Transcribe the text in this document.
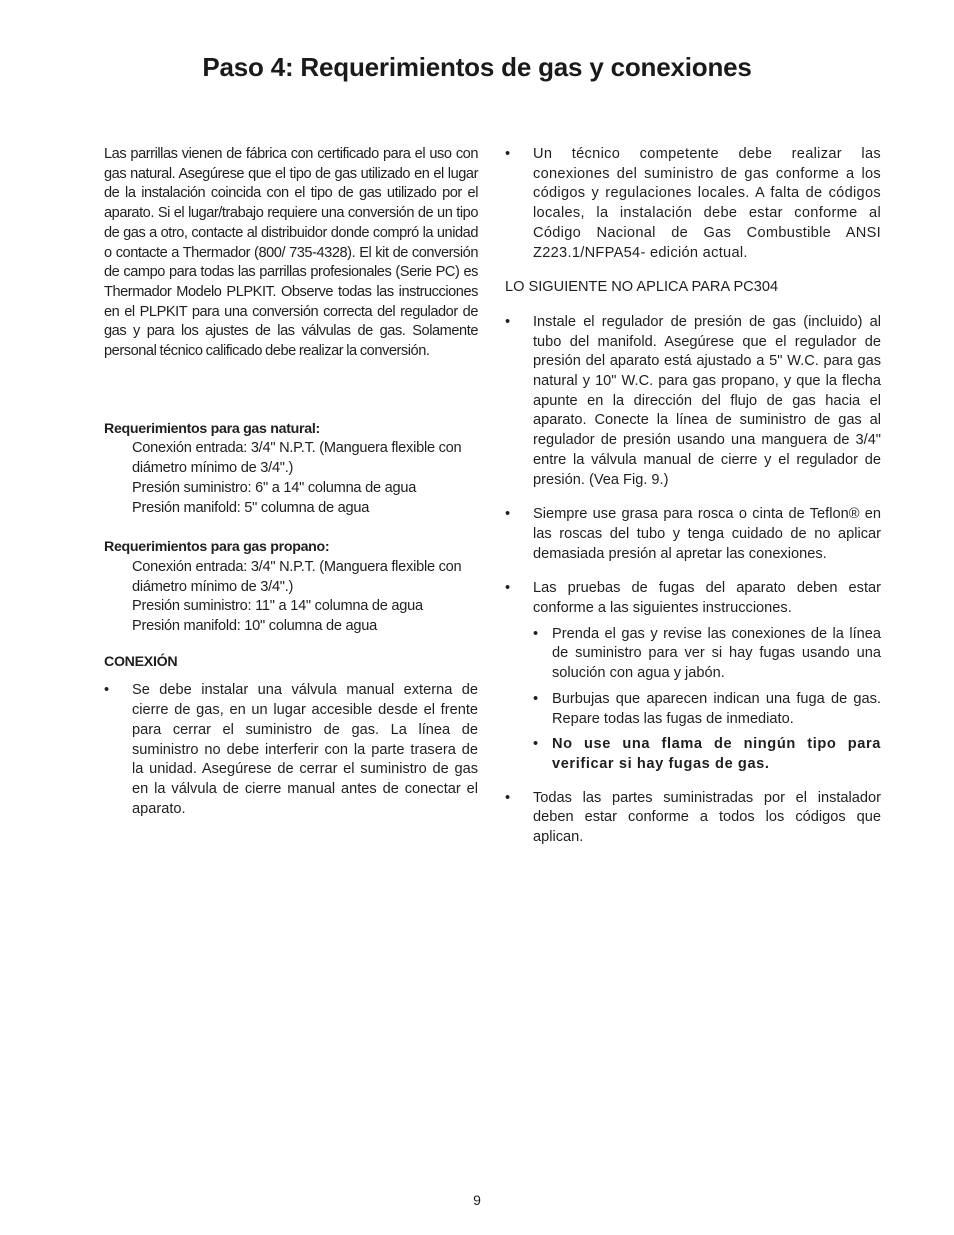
Paso 4: Requerimientos de gas y conexiones

Las parrillas vienen de fábrica con certificado para el uso con gas natural. Asegúrese que el tipo de gas utilizado en el lugar de la instalación coincida con el tipo de gas utilizado por el aparato. Si el lugar/trabajo requiere una conversión de un tipo de gas a otro, contacte al distribuidor donde compró la unidad o contacte a Thermador (800/ 735-4328). El kit de conversión de campo para todas las parrillas profesionales (Serie PC) es Thermador Modelo PLPKIT. Observe todas las instrucciones en el PLPKIT para una conversión correcta del regulador de gas y para los ajustes de las válvulas de gas. Solamente personal técnico calificado debe realizar la conversión.

Requerimientos para gas natural:

Conexión entrada: 3/4" N.P.T. (Manguera flexible con diámetro mínimo de 3/4".)

Presión suministro: 6" a 14" columna de agua

Presión manifold: 5" columna de agua

Requerimientos para gas propano:

Conexión entrada: 3/4" N.P.T. (Manguera flexible con diámetro mínimo de 3/4".)

Presión suministro: 11" a 14" columna de agua

Presión manifold: 10" columna de agua

CONEXIÓN

• Se debe instalar una válvula manual externa de cierre de gas, en un lugar accesible desde el frente para cerrar el suministro de gas. La línea de suministro no debe interferir con la parte trasera de la unidad. Asegúrese de cerrar el suministro de gas en la válvula de cierre manual antes de conectar el aparato.
• Un técnico competente debe realizar las conexiones del suministro de gas conforme a los códigos y regulaciones locales. A falta de códigos locales, la instalación debe estar conforme al Código Nacional de Gas Combustible ANSI Z223.1/NFPA54- edición actual.

LO SIGUIENTE NO APLICA PARA PC304

• Instale el regulador de presión de gas (incluido) al tubo del manifold. Asegúrese que el regulador de presión del aparato está ajustado a 5" W.C. para gas natural y 10" W.C. para gas propano, y que la flecha apunte en la dirección del flujo de gas hacia el aparato. Conecte la línea de suministro de gas al regulador de presión usando una manguera de 3/4" entre la válvula manual de cierre y el regulador de presión. (Vea Fig. 9.)
• Siempre use grasa para rosca o cinta de Teflon® en las roscas del tubo y tenga cuidado de no aplicar demasiada presión al apretar las conexiones.
• Las pruebas de fugas del aparato deben estar conforme a las siguientes instrucciones.
• Prenda el gas y revise las conexiones de la línea de suministro para ver si hay fugas usando una solución con agua y jabón.
• Burbujas que aparecen indican una fuga de gas. Repare todas las fugas de inmediato.
• No use una flama de ningún tipo para verificar si hay fugas de gas.
• Todas las partes suministradas por el instalador deben estar conforme a todos los códigos que aplican.
9
